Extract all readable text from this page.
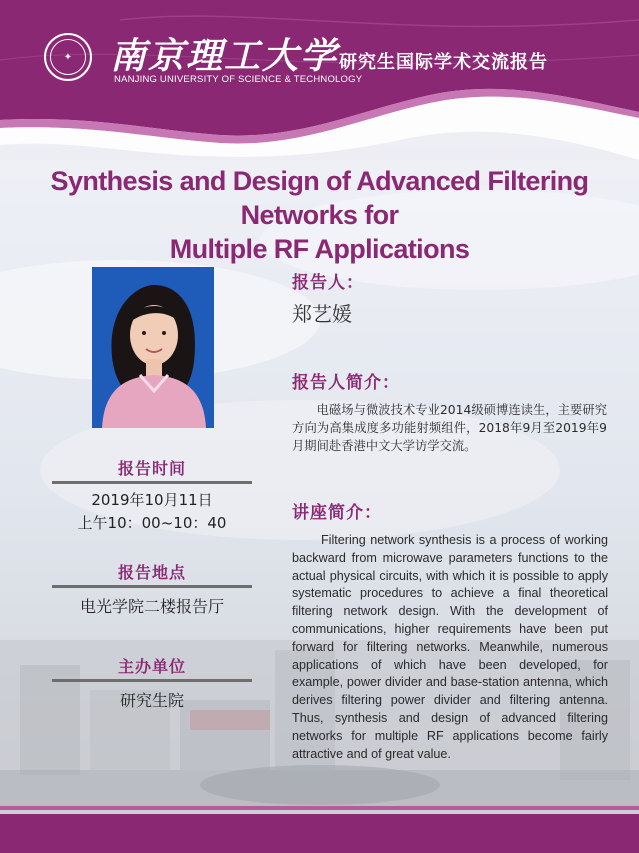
✦	南京理工大学
NANJING UNIVERSITY OF SCIENCE & TECHNOLOGY
研究生国际学术交流报告
Synthesis and Design of Advanced Filtering Networks for
Multiple RF Applications
报告时间
2019年10月11日
上午10：00~10：40
报告地点
电光学院二楼报告厅
主办单位
研究生院
报告人：
郑艺媛
报告人简介：
电磁场与微波技术专业2014级硕博连读生，主要研究方向为高集成度多功能射频组件，2018年9月至2019年9月期间赴香港中文大学访学交流。
讲座简介：
Filtering network synthesis is a process of working backward from microwave parameters functions to the actual physical circuits, with which it is possible to apply systematic procedures to achieve a final theoretical filtering network design. With the development of communications, higher requirements have been put forward for filtering networks. Meanwhile, numerous applications of which have been developed, for example, power divider and base-station antenna, which derives filtering power divider and filtering antenna. Thus, synthesis and design of advanced filtering networks for multiple RF applications become fairly attractive and of great value.
